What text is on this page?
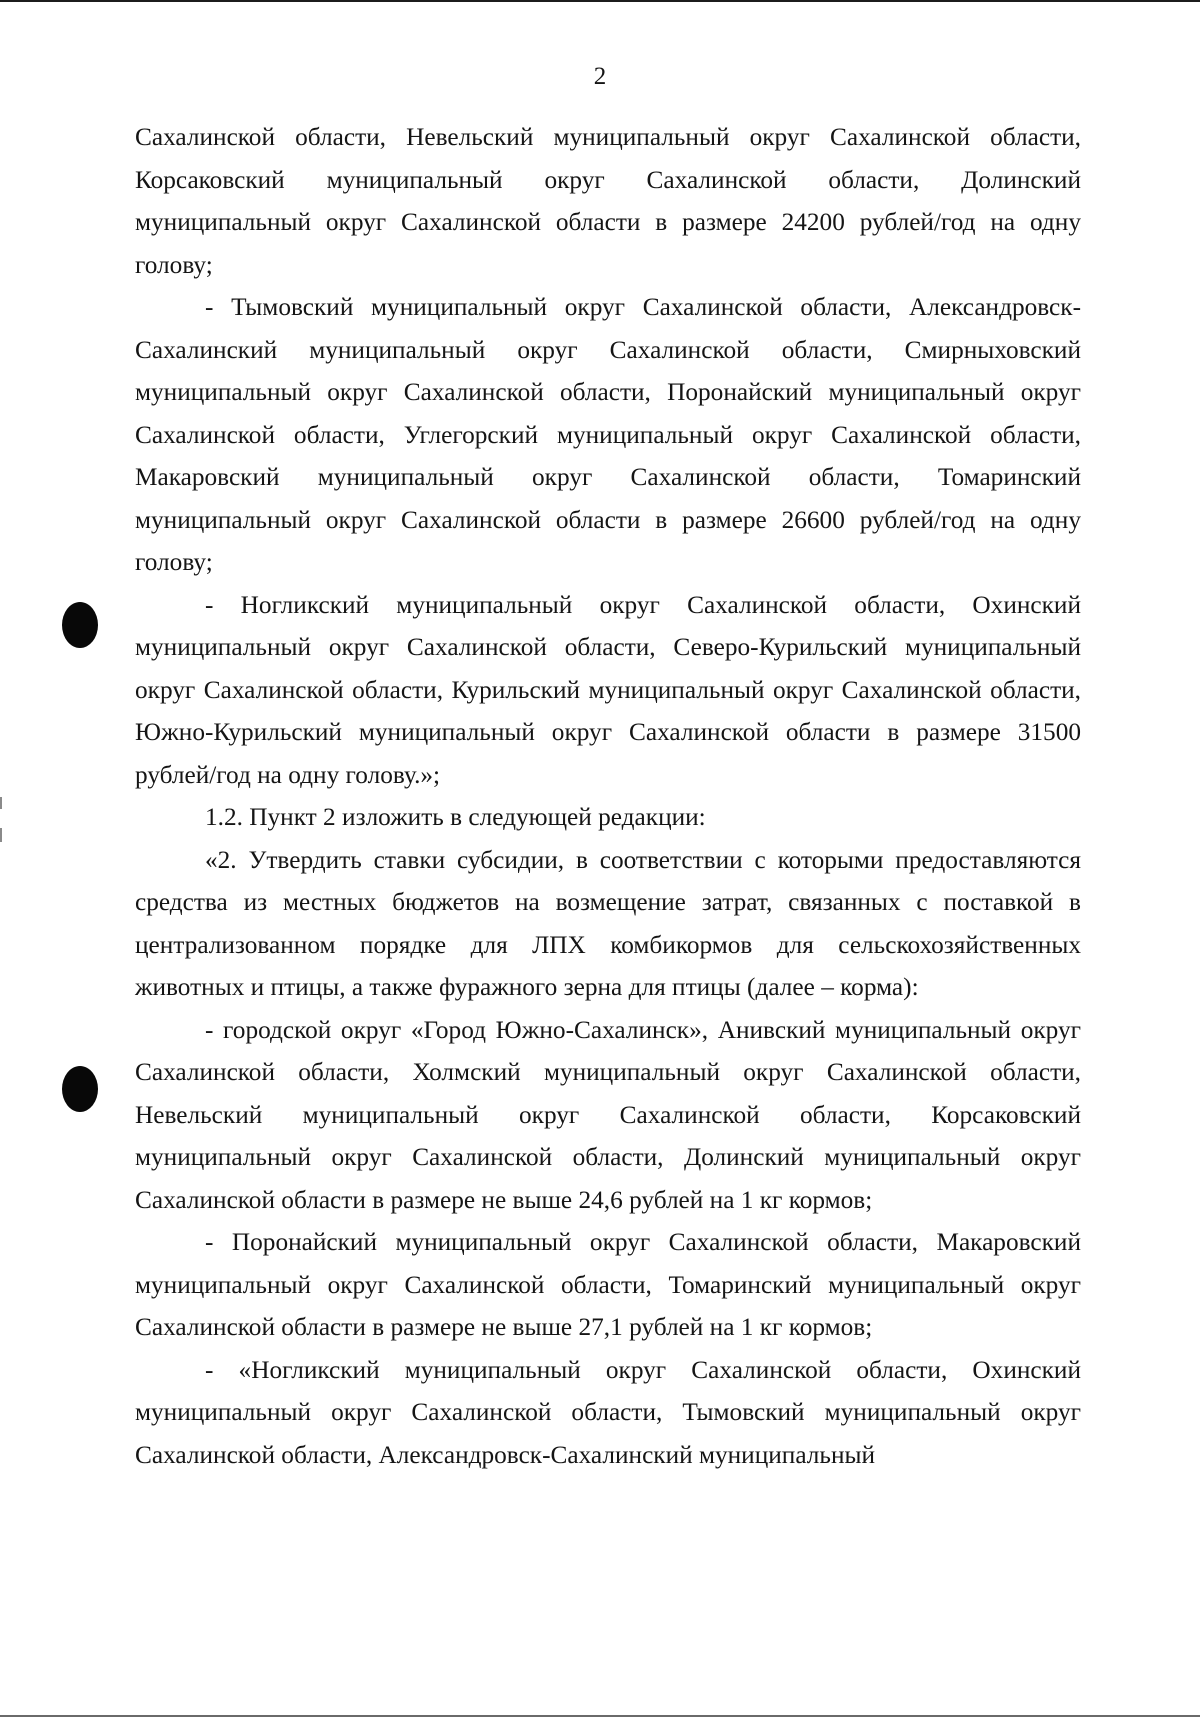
2

Сахалинской области, Невельский муниципальный округ Сахалинской области, Корсаковский муниципальный округ Сахалинской области, Долинский муниципальный округ Сахалинской области в размере 24200 рублей/год на одну голову;

- Тымовский муниципальный округ Сахалинской области, Александровск-Сахалинский муниципальный округ Сахалинской области, Смирныховский муниципальный округ Сахалинской области, Поронайский муниципальный округ Сахалинской области, Углегорский муниципальный округ Сахалинской области, Макаровский муниципальный округ Сахалинской области, Томаринский муниципальный округ Сахалинской области в размере 26600 рублей/год на одну голову;

- Ногликский муниципальный округ Сахалинской области, Охинский муниципальный округ Сахалинской области, Северо-Курильский муниципальный округ Сахалинской области, Курильский муниципальный округ Сахалинской области, Южно-Курильский муниципальный округ Сахалинской области в размере 31500 рублей/год на одну голову.»;

1.2. Пункт 2 изложить в следующей редакции:

«2. Утвердить ставки субсидии, в соответствии с которыми предоставляются средства из местных бюджетов на возмещение затрат, связанных с поставкой в централизованном порядке для ЛПХ комбикормов для сельскохозяйственных животных и птицы, а также фуражного зерна для птицы (далее – корма):

- городской округ «Город Южно-Сахалинск», Анивский муниципальный округ Сахалинской области, Холмский муниципальный округ Сахалинской области, Невельский муниципальный округ Сахалинской области, Корсаковский муниципальный округ Сахалинской области, Долинский муниципальный округ Сахалинской области в размере не выше 24,6 рублей на 1 кг кормов;

- Поронайский муниципальный округ Сахалинской области, Макаровский муниципальный округ Сахалинской области, Томаринский муниципальный округ Сахалинской области в размере не выше 27,1 рублей на 1 кг кормов;

- «Ногликский муниципальный округ Сахалинской области, Охинский муниципальный округ Сахалинской области, Тымовский муниципальный округ Сахалинской области, Александровск-Сахалинский муниципальный
